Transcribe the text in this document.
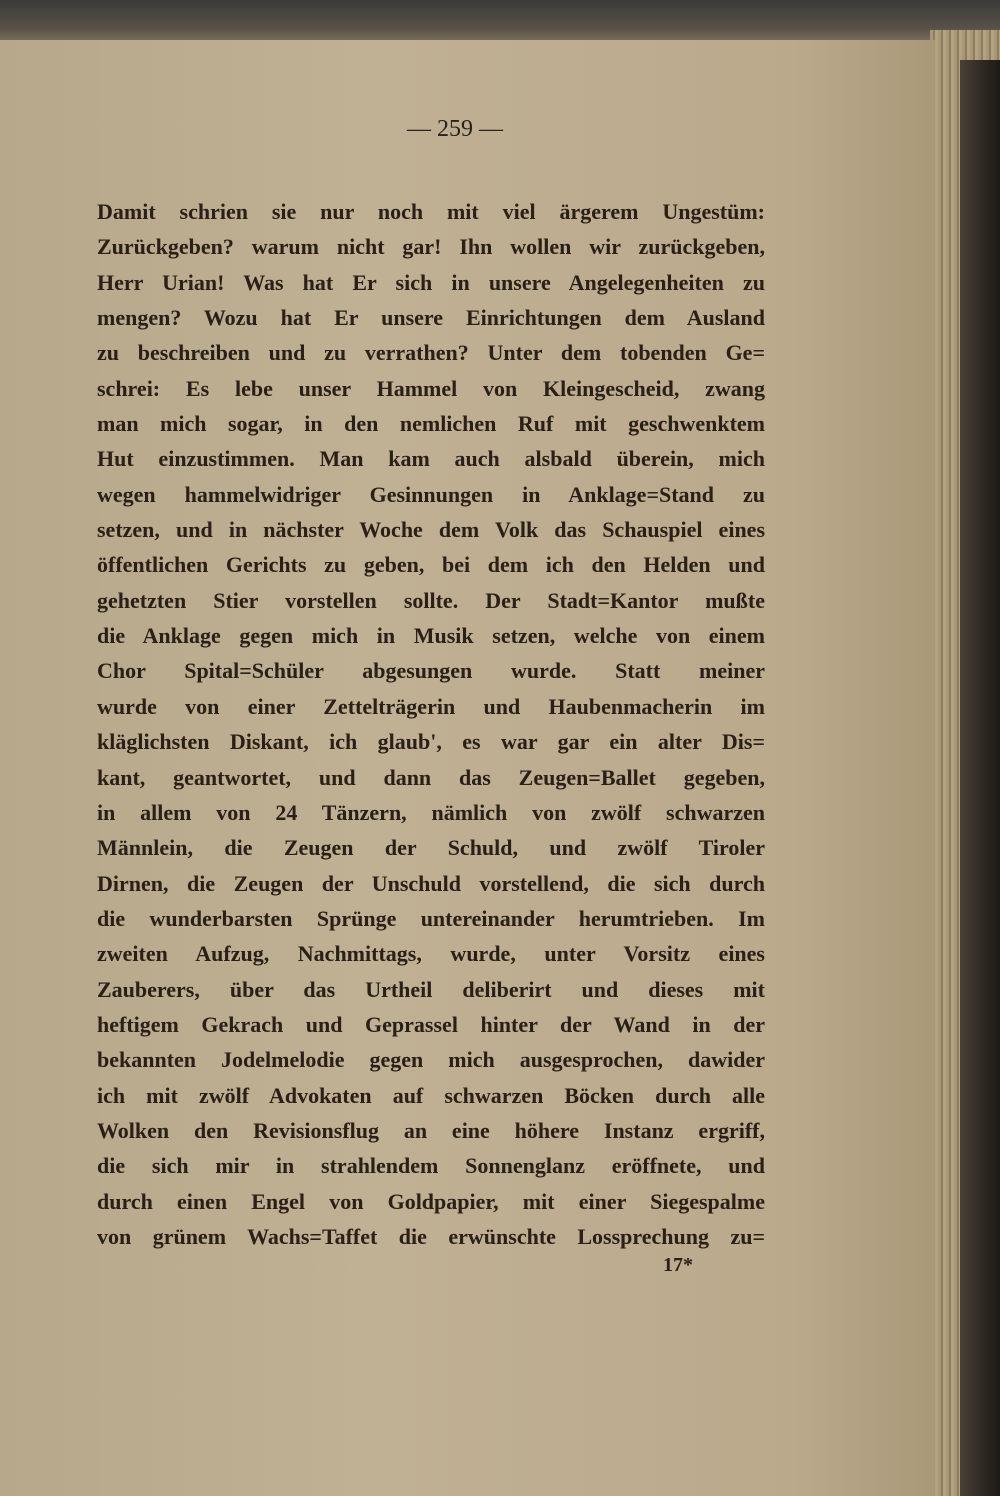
— 259 —
Damit schrien sie nur noch mit viel ärgerem Ungestüm:
Zurückgeben? warum nicht gar! Ihn wollen wir zurückgeben,
Herr Urian! Was hat Er sich in unsere Angelegenheiten zu
mengen? Wozu hat Er unsere Einrichtungen dem Ausland
zu beschreiben und zu verrathen? Unter dem tobenden Ge=
schrei: Es lebe unser Hammel von Kleingescheid, zwang
man mich sogar, in den nemlichen Ruf mit geschwenktem
Hut einzustimmen. Man kam auch alsbald überein, mich
wegen hammelwidriger Gesinnungen in Anklage=Stand zu
setzen, und in nächster Woche dem Volk das Schauspiel eines
öffentlichen Gerichts zu geben, bei dem ich den Helden und
gehetzten Stier vorstellen sollte. Der Stadt=Kantor mußte
die Anklage gegen mich in Musik setzen, welche von einem
Chor Spital=Schüler abgesungen wurde. Statt meiner
wurde von einer Zettelträgerin und Haubenmacherin im
kläglichsten Diskant, ich glaub', es war gar ein alter Dis=
kant, geantwortet, und dann das Zeugen=Ballet gegeben,
in allem von 24 Tänzern, nämlich von zwölf schwarzen
Männlein, die Zeugen der Schuld, und zwölf Tiroler
Dirnen, die Zeugen der Unschuld vorstellend, die sich durch
die wunderbarsten Sprünge untereinander herumtrieben. Im
zweiten Aufzug, Nachmittags, wurde, unter Vorsitz eines
Zauberers, über das Urtheil deliberirt und dieses mit
heftigem Gekrach und Geprassel hinter der Wand in der
bekannten Jodelmelodie gegen mich ausgesprochen, dawider
ich mit zwölf Advokaten auf schwarzen Böcken durch alle
Wolken den Revisionsflug an eine höhere Instanz ergriff,
die sich mir in strahlendem Sonnenglanz eröffnete, und
durch einen Engel von Goldpapier, mit einer Siegespalme
von grünem Wachs=Taffet die erwünschte Lossprechung zu=
17*
